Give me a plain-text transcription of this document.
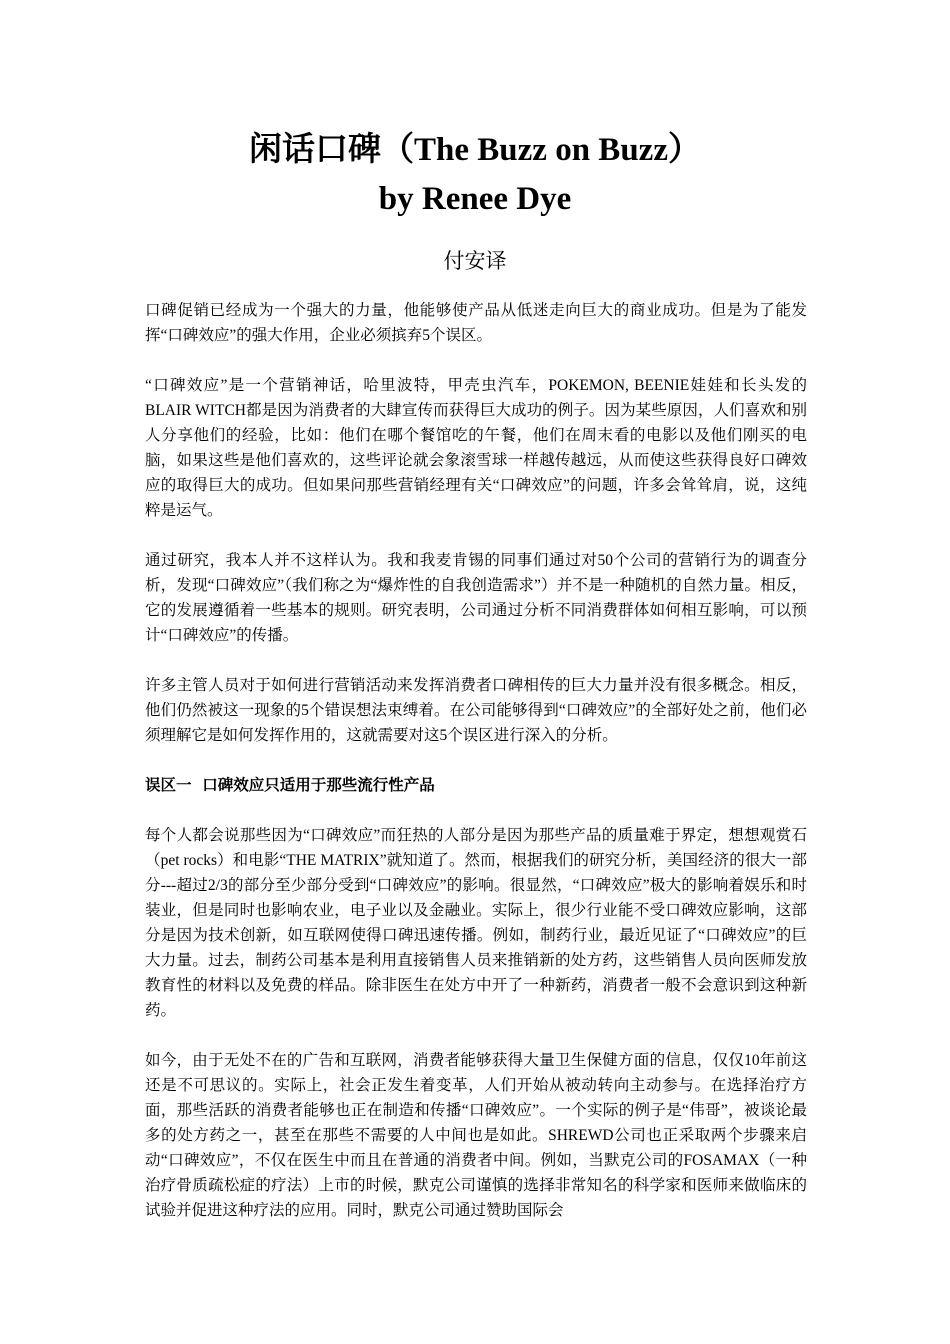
闲话口碑（The Buzz on Buzz）
by Renee Dye

付安译

口碑促销已经成为一个强大的力量，他能够使产品从低迷走向巨大的商业成功。但是为了能发挥“口碑效应”的强大作用，企业必须摈弃5个误区。

“口碑效应”是一个营销神话，哈里波特，甲壳虫汽车，POKEMON, BEENIE娃娃和长头发的BLAIR WITCH都是因为消费者的大肆宣传而获得巨大成功的例子。因为某些原因，人们喜欢和别人分享他们的经验，比如：他们在哪个餐馆吃的午餐，他们在周末看的电影以及他们刚买的电脑，如果这些是他们喜欢的，这些评论就会象滚雪球一样越传越远，从而使这些获得良好口碑效应的取得巨大的成功。但如果问那些营销经理有关“口碑效应”的问题，许多会耸耸肩，说，这纯粹是运气。

通过研究，我本人并不这样认为。我和我麦肯锡的同事们通过对50个公司的营销行为的调查分析，发现“口碑效应”（我们称之为“爆炸性的自我创造需求”）并不是一种随机的自然力量。相反，它的发展遵循着一些基本的规则。研究表明，公司通过分析不同消费群体如何相互影响，可以预计“口碑效应”的传播。

许多主管人员对于如何进行营销活动来发挥消费者口碑相传的巨大力量并没有很多概念。相反，他们仍然被这一现象的5个错误想法束缚着。在公司能够得到“口碑效应”的全部好处之前，他们必须理解它是如何发挥作用的，这就需要对这5个误区进行深入的分析。

误区一  口碑效应只适用于那些流行性产品

每个人都会说那些因为“口碑效应”而狂热的人部分是因为那些产品的质量难于界定，想想观赏石（pet rocks）和电影“THE MATRIX”就知道了。然而，根据我们的研究分析，美国经济的很大一部分---超过2/3的部分至少部分受到“口碑效应”的影响。很显然，“口碑效应”极大的影响着娱乐和时装业，但是同时也影响农业，电子业以及金融业。实际上，很少行业能不受口碑效应影响，这部分是因为技术创新，如互联网使得口碑迅速传播。例如，制药行业，最近见证了“口碑效应”的巨大力量。过去，制药公司基本是利用直接销售人员来推销新的处方药，这些销售人员向医师发放教育性的材料以及免费的样品。除非医生在处方中开了一种新药，消费者一般不会意识到这种新药。

如今，由于无处不在的广告和互联网，消费者能够获得大量卫生保健方面的信息，仅仅10年前这还是不可思议的。实际上，社会正发生着变革，人们开始从被动转向主动参与。在选择治疗方面，那些活跃的消费者能够也正在制造和传播“口碑效应”。一个实际的例子是“伟哥”，被谈论最多的处方药之一，甚至在那些不需要的人中间也是如此。SHREWD公司也正采取两个步骤来启动“口碑效应”，不仅在医生中而且在普通的消费者中间。例如，当默克公司的FOSAMAX（一种治疗骨质疏松症的疗法）上市的时候，默克公司谨慎的选择非常知名的科学家和医师来做临床的试验并促进这种疗法的应用。同时，默克公司通过赞助国际会
